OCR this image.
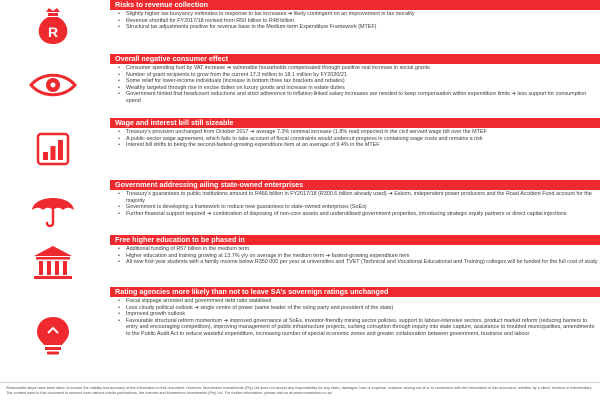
R
Risks to revenue collection
• Slightly higher tax buoyancy estimates in response to tax increases ➔ likely contingent on an improvement in tax morality
• Revenue shortfall for FY2017/18 revised from R50 billion to R48 billion
• Structural tax adjustments positive for revenue base in the Medium-term Expenditure Framework (MTEF)
Overall negative consumer effect
• Consumer spending hurt by VAT increase ➔ vulnerable households compensated through positive real increase in social grants
• Number of grant recipients to grow from the current 17.3 million to 18.1 million by FY2020/21
• Some relief for lower-income individuals (increase in bottom three tax brackets and rebates)
• Wealthy targeted through rise in excise duties on luxury goods and increase in estate duties
• Government hinted that headcount reductions and strict adherence to inflation-linked salary increases are needed to keep compensation within expenditure limits ➔ less support for consumption spend
Wage and interest bill still sizeable
• Treasury’s provision unchanged from October 2017 ➔ average 7.3% nominal increase (1.8% real) expected in the civil servant wage bill over the MTEF
• A public-sector wage agreement, which fails to take account of fiscal constraints would undercut progress in containing wage costs and remains a risk
• Interest bill shifts to being the second-fastest-growing expenditure item at an average of 9.4% in the MTEF
Government addressing ailing state-owned enterprises
• Treasury’s guarantees to public institutions amount to R466 billion in FY2017/18 (R300.6 billion already used) ➔ Eskom, independent power producers and the Road Accident Fund account for the majority
• Government is developing a framework to reduce new guarantees to state-owned enterprises (SoEs)
• Further financial support required ➔ combination of disposing of non-core assets and underutilised government properties, introducing strategic equity partners or direct capital injections
Free higher education to be phased in
• Additional funding of R57 billion in the medium term
• Higher education and training growing at 13.7% y/y on average in the medium term ➔ fastest-growing expenditure item
• All new first-year students with a family income below R350 000 per year at universities and TVET (Technical and Vocational Educational and Training) colleges will be funded for the full cost of study
Rating agencies more likely than not to leave SA’s sovereign ratings unchanged
• Fiscal slippage arrested and government debt ratio stabilised
• Less cloudy political outlook ➔ single centre of power (same leader of the ruling party and president of the state)
• Improved growth outlook
• Favourable structural reform momentum ➔ improved governance at SoEs, investor-friendly mining sector policies, support to labour-intensive sectors, product market reform (reducing barriers to entry and encouraging competition), improving management of public infrastructure projects, curbing corruption through inquiry into state capture, assistance to troubled municipalities, amendments to the Public Audit Act to reduce wasteful expenditure, increasing number of special economic zones and greater collaboration between government, business and labour

Reasonable steps have been taken to ensure the validity and accuracy of the information in this document. However, Momentum Investments (Pty) Ltd does not accept any responsibility for any claim, damages, loss or expense, however arising out of or in connection with the information in this document, whether by a client, investor or intermediary. The content used in this document is sourced from various media publications, the Internet and Momentum Investments (Pty) Ltd. For further information, please visit us at www.momentum.co.za
